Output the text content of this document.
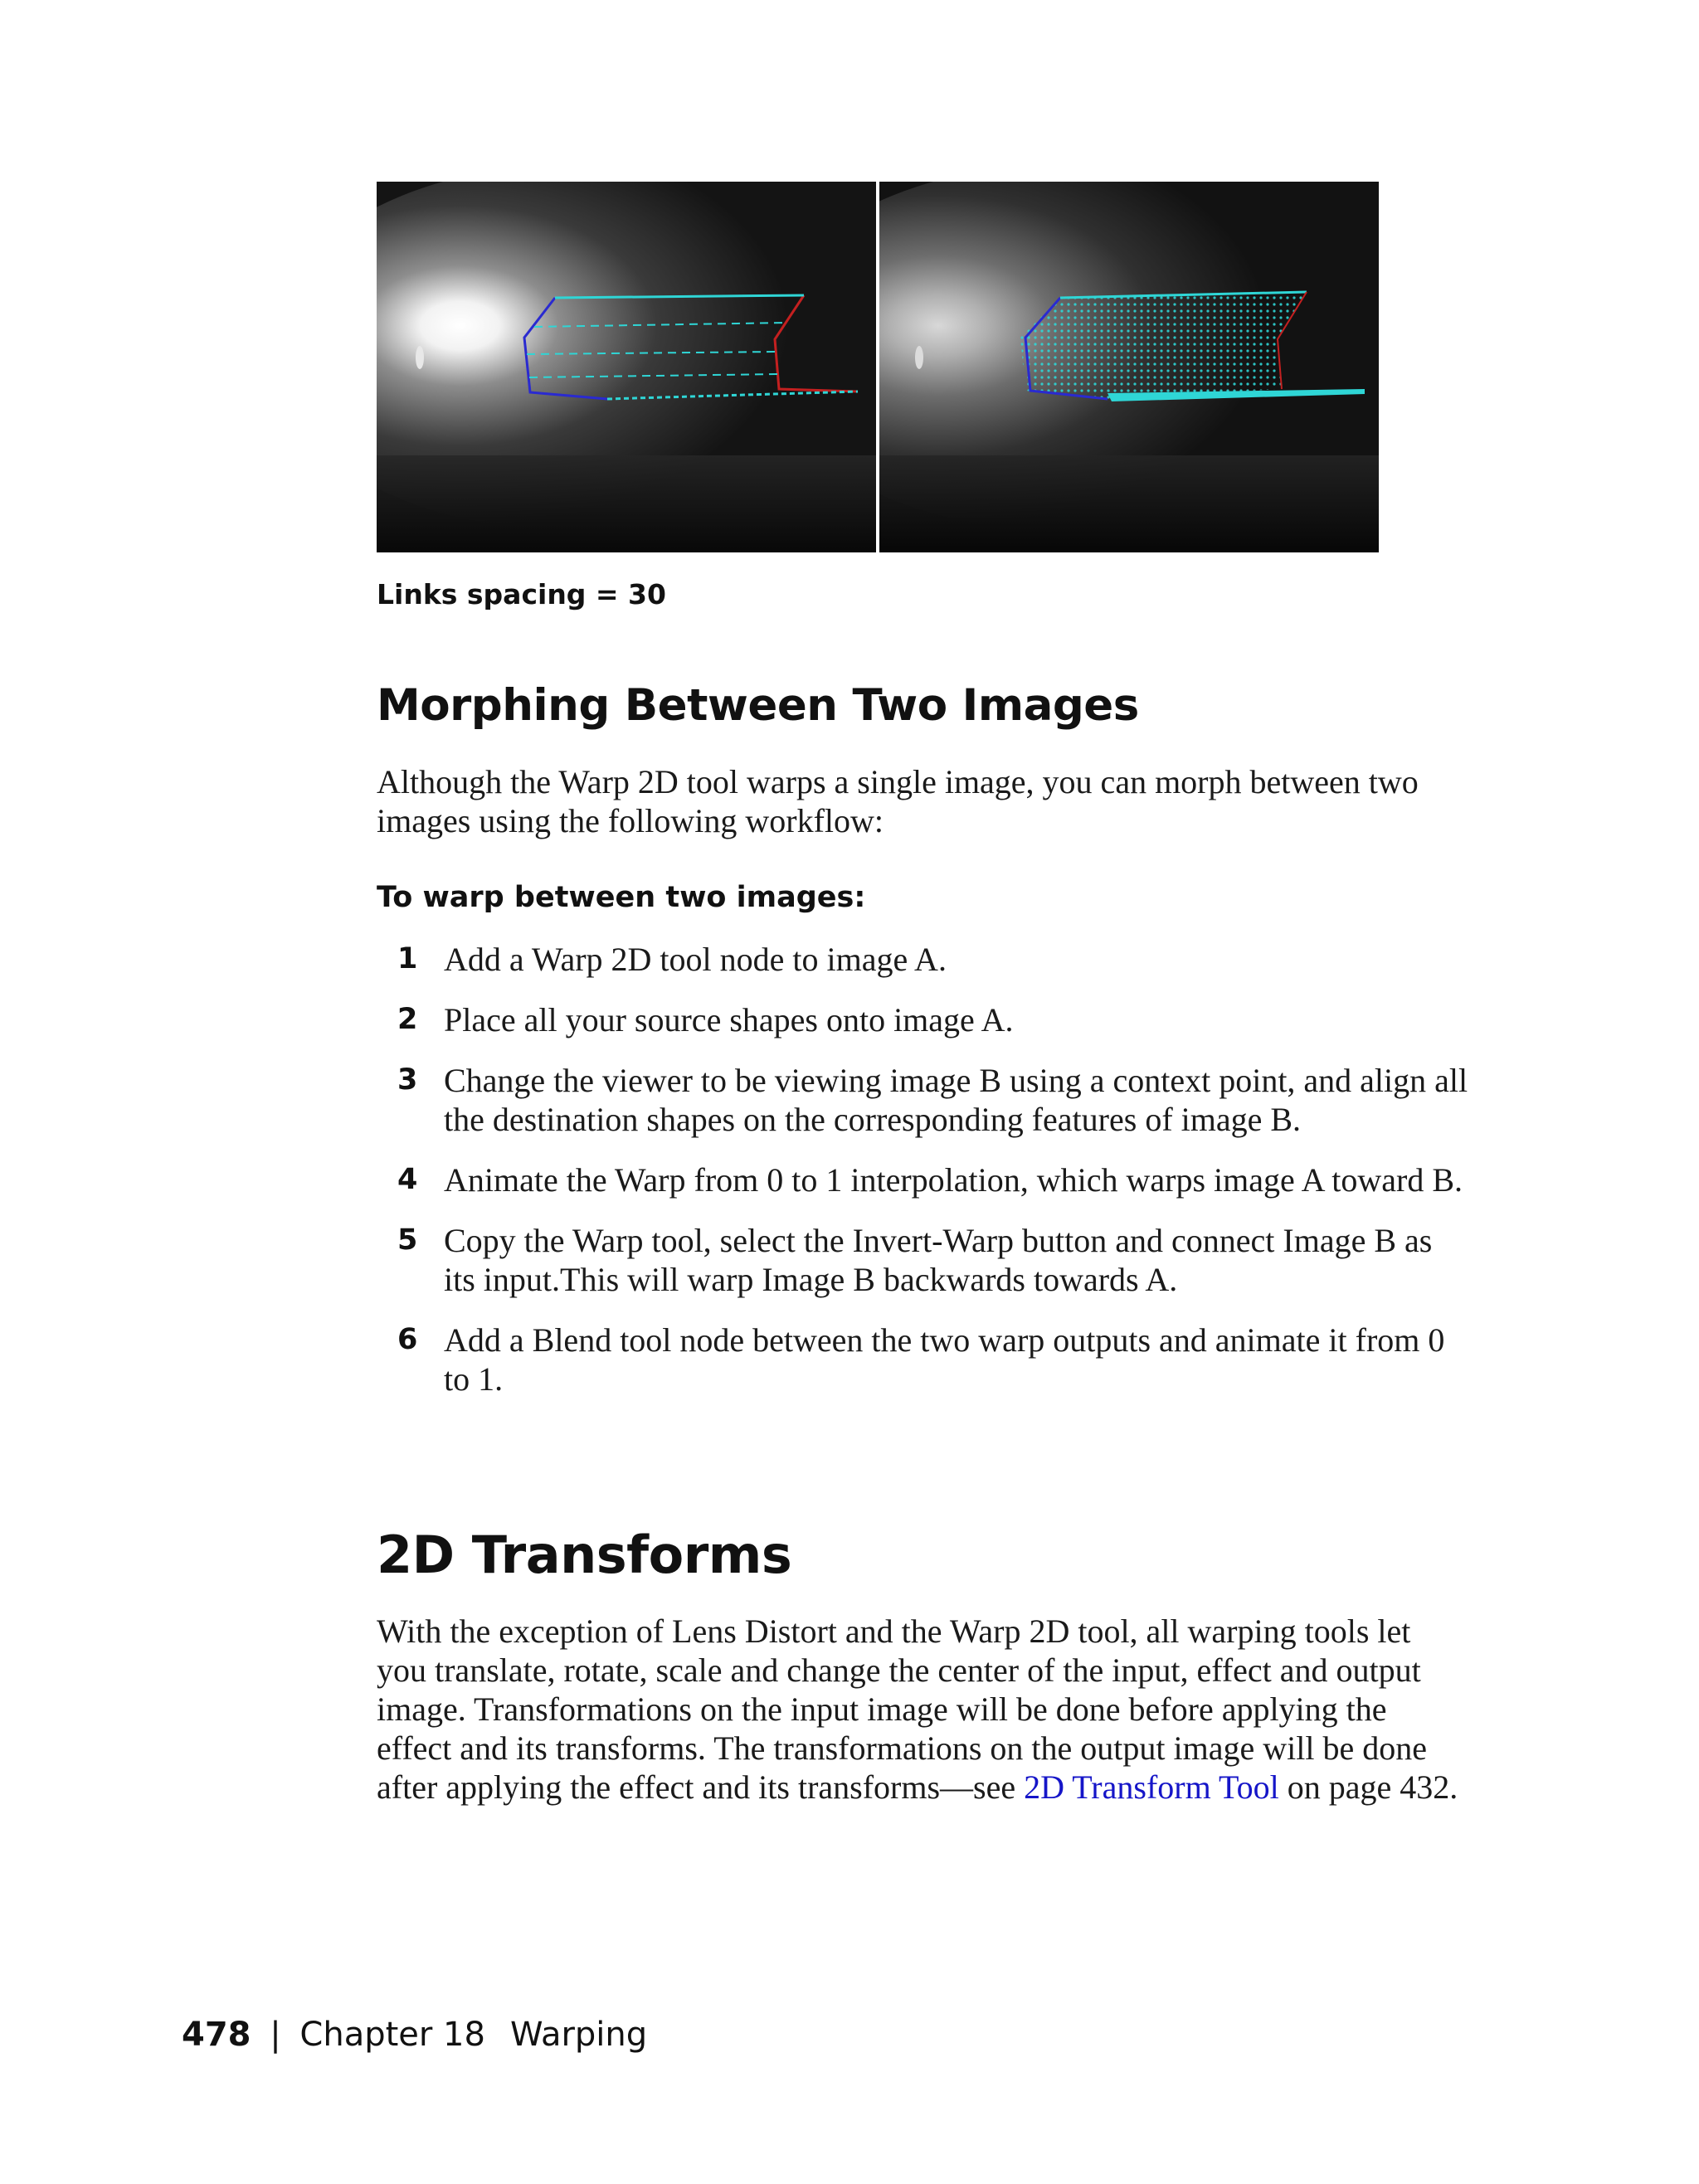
Links spacing = 30
Morphing Between Two Images

Although the Warp 2D tool warps a single image, you can morph between two images using the following workflow:

To warp between two images:
1 Add a Warp 2D tool node to image A.
2 Place all your source shapes onto image A.
3 Change the viewer to be viewing image B using a context point, and align all the destination shapes on the corresponding features of image B.
4 Animate the Warp from 0 to 1 interpolation, which warps image A toward B.
5 Copy the Warp tool, select the Invert-Warp button and connect Image B as its input.This will warp Image B backwards towards A.
6 Add a Blend tool node between the two warp outputs and animate it from 0 to 1.
2D Transforms

With the exception of Lens Distort and the Warp 2D tool, all warping tools let you translate, rotate, scale and change the center of the input, effect and output image. Transformations on the input image will be done before applying the effect and its transforms. The transformations on the output image will be done after applying the effect and its transforms—see 2D Transform Tool on page 432.

478 | Chapter 18 Warping
